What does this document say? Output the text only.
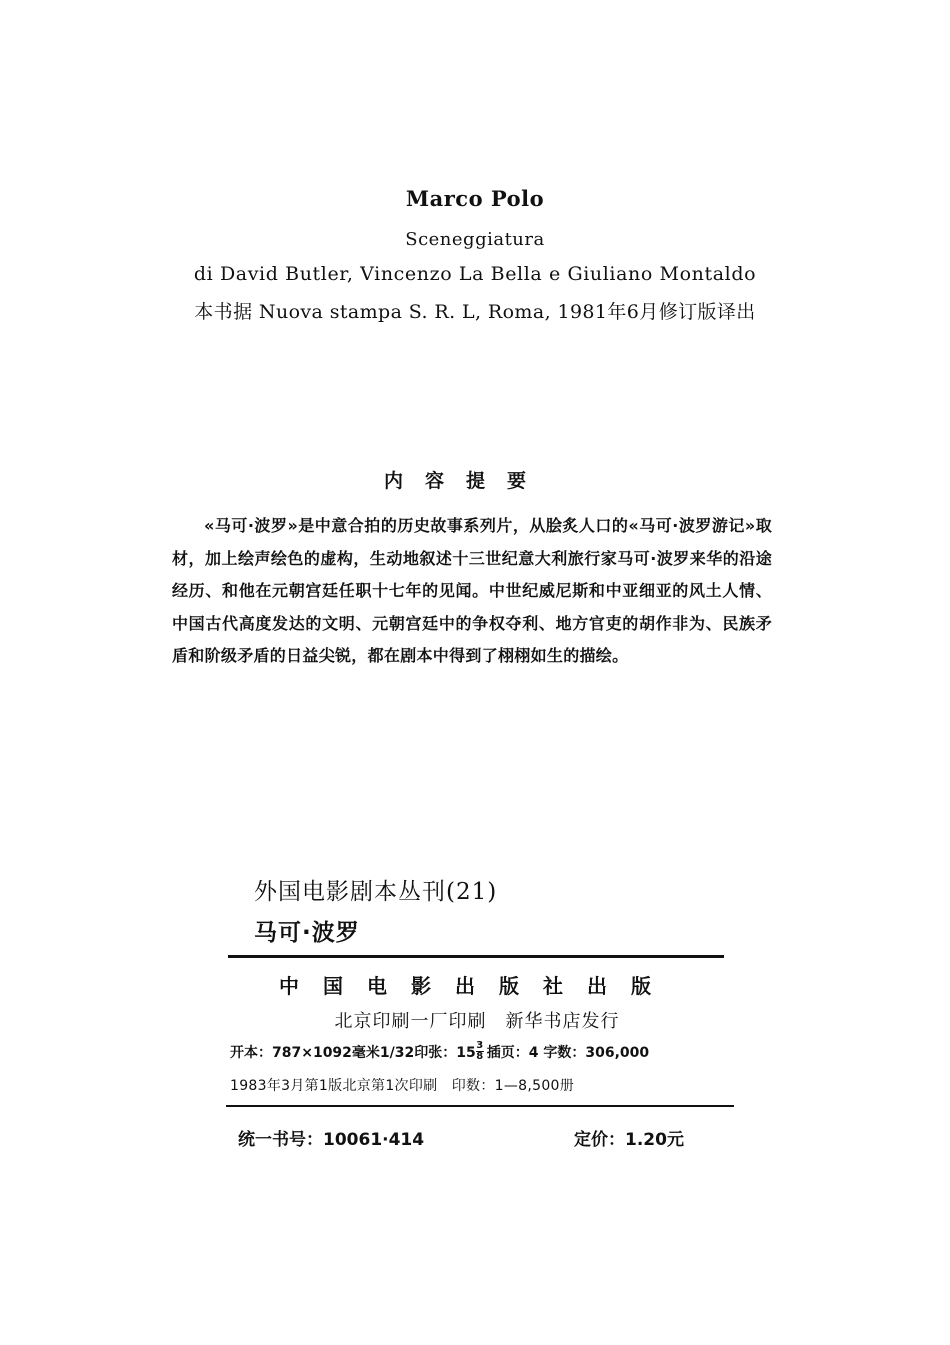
Marco Polo
Sceneggiatura
di David Butler, Vincenzo La Bella e Giuliano Montaldo
本书据 Nuova stampa S. R. L, Roma, 1981年6月修订版译出
内容提要
«马可·波罗»是中意合拍的历史故事系列片，从脍炙人口的«马可·波罗游记»取材，加上绘声绘色的虚构，生动地叙述十三世纪意大利旅行家马可·波罗来华的沿途经历、和他在元朝宫廷任职十七年的见闻。中世纪威尼斯和中亚细亚的风土人情、中国古代高度发达的文明、元朝宫廷中的争权夺利、地方官吏的胡作非为、民族矛盾和阶级矛盾的日益尖锐，都在剧本中得到了栩栩如生的描绘。
外国电影剧本丛刊(21)
马可·波罗
中国电影出版社出版
北京印刷一厂印刷　新华书店发行
开本：787×1092毫米1/32印张：$15 \frac{3}{8}$ 插页：4 字数：306,000
1983年3月第1版北京第1次印刷　印数：1—8,500册
统一书号：10061·414	定价：1.20元
